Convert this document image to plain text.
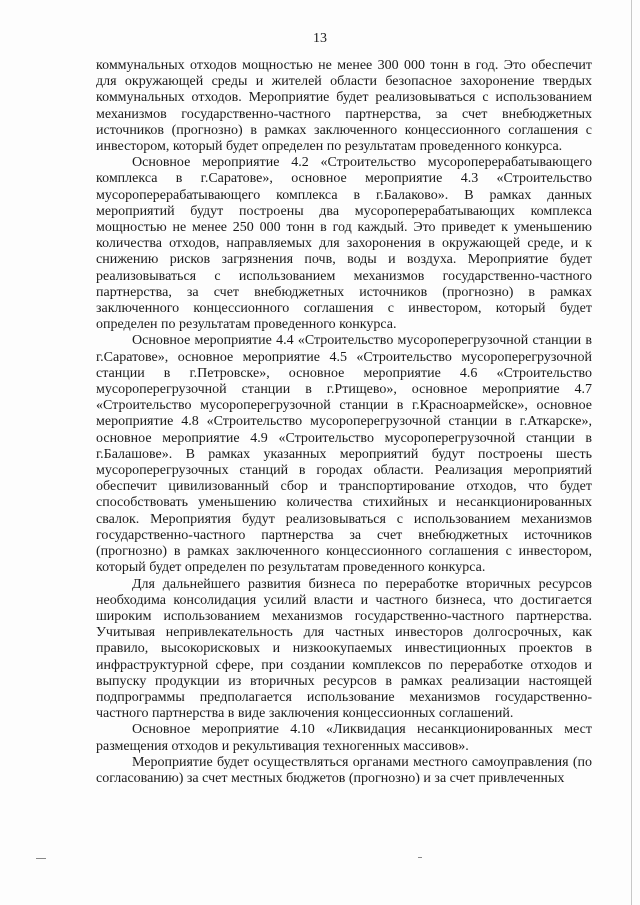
13

коммунальных отходов мощностью не менее 300 000 тонн в год. Это обеспечит для окружающей среды и жителей области безопасное захоронение твердых коммунальных отходов. Мероприятие будет реализовываться с использованием механизмов государственно-частного партнерства, за счет внебюджетных источников (прогнозно) в рамках заключенного концессионного соглашения с инвестором, который будет определен по результатам проведенного конкурса.

Основное мероприятие 4.2 «Строительство мусороперерабатывающего комплекса в г.Саратове», основное мероприятие 4.3 «Строительство мусороперерабатывающего комплекса в г.Балаково». В рамках данных мероприятий будут построены два мусороперерабатывающих комплекса мощностью не менее 250 000 тонн в год каждый. Это приведет к уменьшению количества отходов, направляемых для захоронения в окружающей среде, и к снижению рисков загрязнения почв, воды и воздуха. Мероприятие будет реализовываться с использованием механизмов государственно-частного партнерства, за счет внебюджетных источников (прогнозно) в рамках заключенного концессионного соглашения с инвестором, который будет определен по результатам проведенного конкурса.

Основное мероприятие 4.4 «Строительство мусороперегрузочной станции в г.Саратове», основное мероприятие 4.5 «Строительство мусороперегрузочной станции в г.Петровске», основное мероприятие 4.6 «Строительство мусороперегрузочной станции в г.Ртищево», основное мероприятие 4.7 «Строительство мусороперегрузочной станции в г.Красноармейске», основное мероприятие 4.8 «Строительство мусороперегрузочной станции в г.Аткарске», основное мероприятие 4.9 «Строительство мусороперегрузочной станции в г.Балашове». В рамках указанных мероприятий будут построены шесть мусороперегрузочных станций в городах области. Реализация мероприятий обеспечит цивилизованный сбор и транспортирование отходов, что будет способствовать уменьшению количества стихийных и несанкционированных свалок. Мероприятия будут реализовываться с использованием механизмов государственно-частного партнерства за счет внебюджетных источников (прогнозно) в рамках заключенного концессионного соглашения с инвестором, который будет определен по результатам проведенного конкурса.

Для дальнейшего развития бизнеса по переработке вторичных ресурсов необходима консолидация усилий власти и частного бизнеса, что достигается широким использованием механизмов государственно-частного партнерства. Учитывая непривлекательность для частных инвесторов долгосрочных, как правило, высокорисковых и низкоокупаемых инвестиционных проектов в инфраструктурной сфере, при создании комплексов по переработке отходов и выпуску продукции из вторичных ресурсов в рамках реализации настоящей подпрограммы предполагается использование механизмов государственно-частного партнерства в виде заключения концессионных соглашений.

Основное мероприятие 4.10 «Ликвидация несанкционированных мест размещения отходов и рекультивация техногенных массивов».

Мероприятие будет осуществляться органами местного самоуправления (по согласованию) за счет местных бюджетов (прогнозно) и за счет привлеченных
